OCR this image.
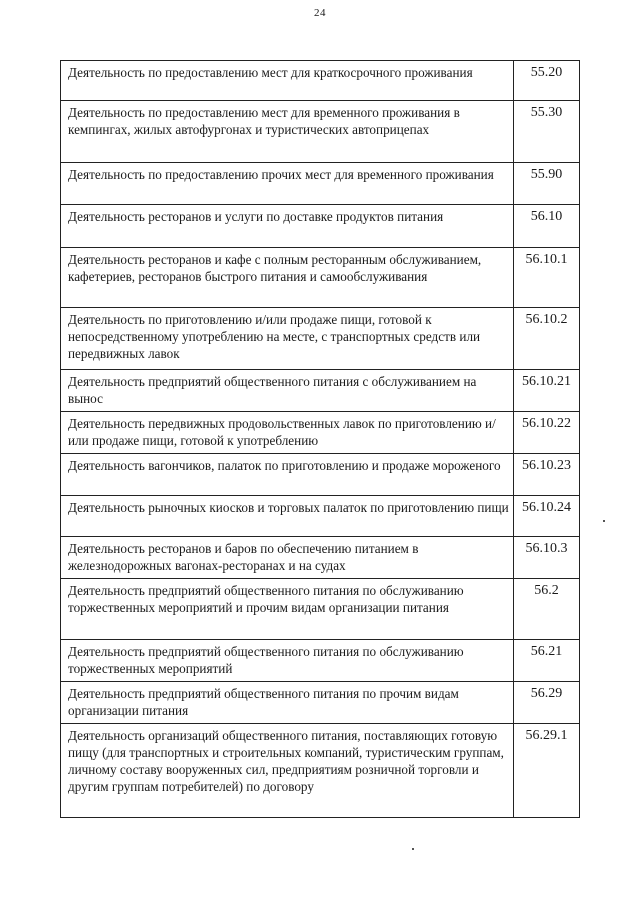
24
Деятельность по предоставлению мест для краткосрочного проживания	55.20
Деятельность по предоставлению мест для временного проживания в кемпингах, жилых автофургонах и туристических автоприцепах	55.30
Деятельность по предоставлению прочих мест для временного проживания	55.90
Деятельность ресторанов и услуги по доставке продуктов питания	56.10
Деятельность ресторанов и кафе с полным ресторанным обслуживанием, кафетериев, ресторанов быстрого питания и самообслуживания	56.10.1
Деятельность по приготовлению и/или продаже пищи, готовой к непосредственному употреблению на месте, с транспортных средств или передвижных лавок	56.10.2
Деятельность предприятий общественного питания с обслуживанием на вынос	56.10.21
Деятельность передвижных продовольственных лавок по приготовлению и/или продаже пищи, готовой к употреблению	56.10.22
Деятельность вагончиков, палаток по приготовлению и продаже мороженого	56.10.23
Деятельность рыночных киосков и торговых палаток по приготовлению пищи	56.10.24
Деятельность ресторанов и баров по обеспечению питанием в железнодорожных вагонах-ресторанах и на судах	56.10.3
Деятельность предприятий общественного питания по обслуживанию торжественных мероприятий и прочим видам организации питания	56.2
Деятельность предприятий общественного питания по обслуживанию торжественных мероприятий	56.21
Деятельность предприятий общественного питания по прочим видам организации питания	56.29
Деятельность организаций общественного питания, поставляющих готовую пищу (для транспортных и строительных компаний, туристическим группам, личному составу вооруженных сил, предприятиям розничной торговли и другим группам потребителей) по договору	56.29.1
